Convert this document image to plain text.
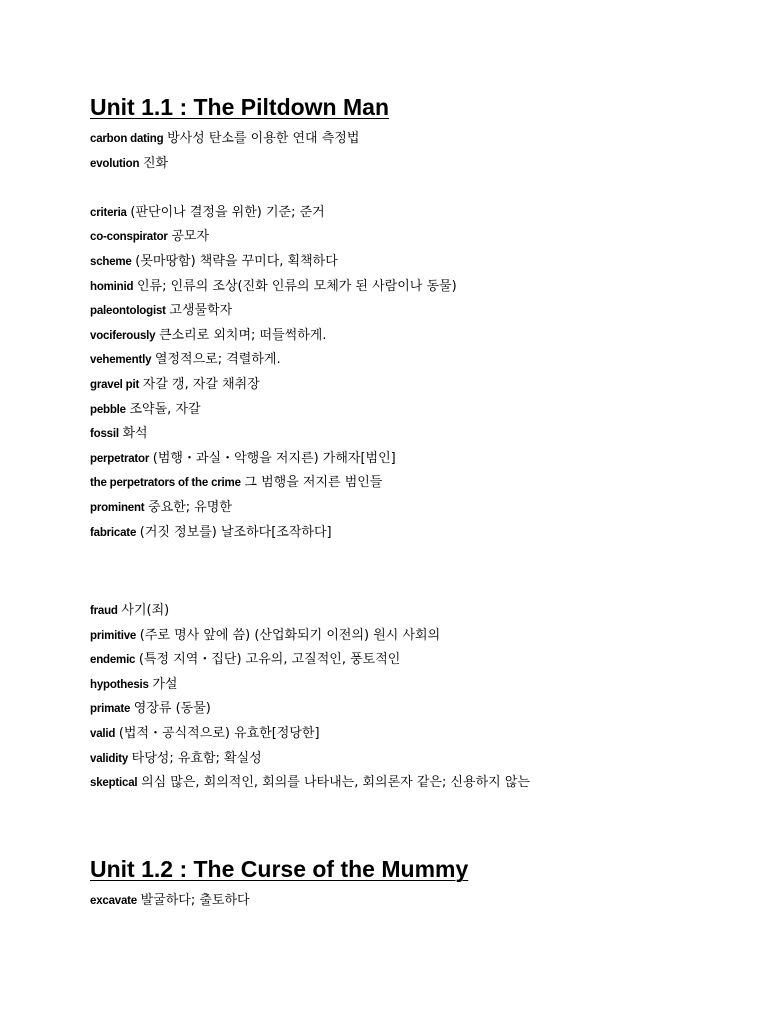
Unit 1.1 : The Piltdown Man
carbon dating 방사성 탄소를 이용한 연대 측정법
evolution 진화
criteria (판단이나 결정을 위한) 기준; 준거
co-conspirator 공모자
scheme (못마땅함) 책략을 꾸미다, 획책하다
hominid 인류; 인류의 조상(진화 인류의 모체가 된 사람이나 동물)
paleontologist 고생물학자
vociferously 큰소리로 외치며; 떠들썩하게.
vehemently 열정적으로; 격렬하게.
gravel pit 자갈 갱, 자갈 채취장
pebble 조약돌, 자갈
fossil 화석
perpetrator (범행・과실・악행을 저지른) 가해자[범인]
the perpetrators of the crime 그 범행을 저지른 범인들
prominent 중요한; 유명한
fabricate (거짓 정보를) 날조하다[조작하다]
fraud 사기(죄)
primitive (주로 명사 앞에 씀) (산업화되기 이전의) 원시 사회의
endemic (특정 지역・집단) 고유의, 고질적인, 풍토적인
hypothesis 가설
primate 영장류 (동물)
valid (법적・공식적으로) 유효한[정당한]
validity 타당성; 유효함; 확실성
skeptical 의심 많은, 회의적인, 회의를 나타내는, 회의론자 같은; 신용하지 않는
Unit 1.2 : The Curse of the Mummy
excavate 발굴하다; 출토하다
